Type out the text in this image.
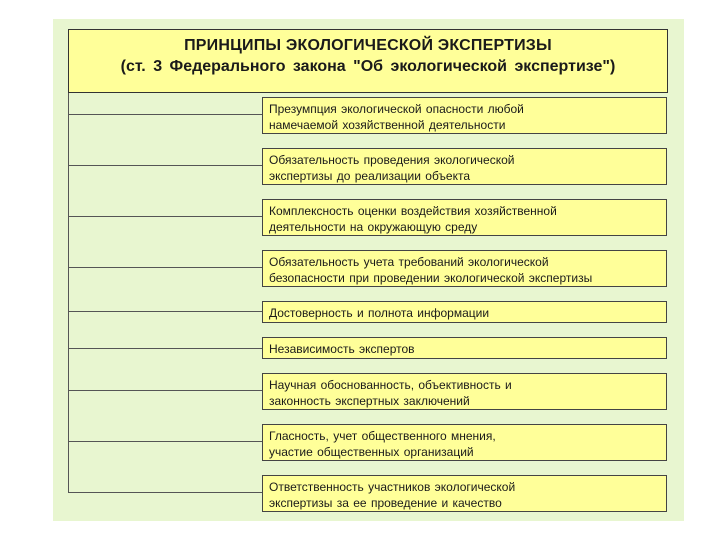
ПРИНЦИПЫ ЭКОЛОГИЧЕСКОЙ ЭКСПЕРТИЗЫ
(ст. 3 Федерального закона "Об экологической экспертизе")
Презумпция экологической опасности любой
намечаемой хозяйственной деятельности
Обязательность проведения экологической
экспертизы до реализации объекта
Комплексность оценки воздействия хозяйственной
деятельности на окружающую среду
Обязательность учета требований экологической
безопасности при проведении экологической экспертизы
Достоверность и полнота информации
Независимость экспертов
Научная обоснованность, объективность и
законность экспертных заключений
Гласность, учет общественного мнения,
участие общественных организаций
Ответственность участников экологической
экспертизы за ее проведение и качество
